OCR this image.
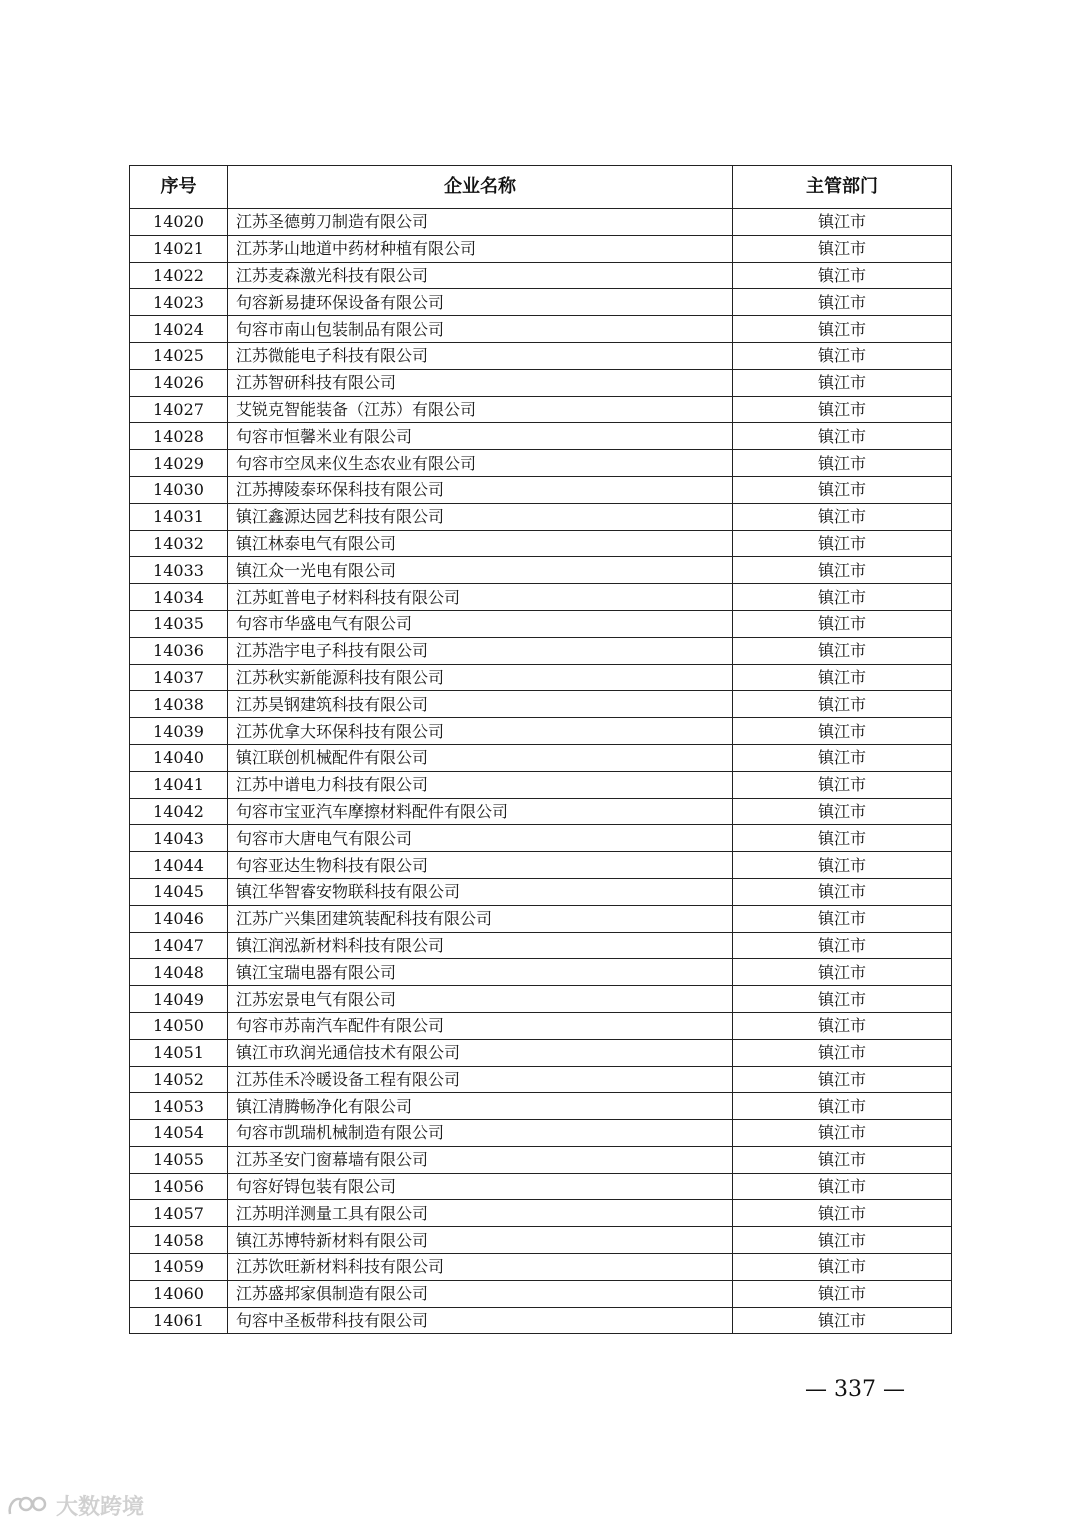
序号	企业名称	主管部门
14020	江苏圣德剪刀制造有限公司	镇江市
14021	江苏茅山地道中药材种植有限公司	镇江市
14022	江苏麦森激光科技有限公司	镇江市
14023	句容新易捷环保设备有限公司	镇江市
14024	句容市南山包装制品有限公司	镇江市
14025	江苏微能电子科技有限公司	镇江市
14026	江苏智研科技有限公司	镇江市
14027	艾锐克智能装备（江苏）有限公司	镇江市
14028	句容市恒馨米业有限公司	镇江市
14029	句容市空凤来仪生态农业有限公司	镇江市
14030	江苏搏陵泰环保科技有限公司	镇江市
14031	镇江鑫源达园艺科技有限公司	镇江市
14032	镇江林泰电气有限公司	镇江市
14033	镇江众一光电有限公司	镇江市
14034	江苏虹普电子材料科技有限公司	镇江市
14035	句容市华盛电气有限公司	镇江市
14036	江苏浩宇电子科技有限公司	镇江市
14037	江苏秋实新能源科技有限公司	镇江市
14038	江苏昊钢建筑科技有限公司	镇江市
14039	江苏优拿大环保科技有限公司	镇江市
14040	镇江联创机械配件有限公司	镇江市
14041	江苏中谱电力科技有限公司	镇江市
14042	句容市宝亚汽车摩擦材料配件有限公司	镇江市
14043	句容市大唐电气有限公司	镇江市
14044	句容亚达生物科技有限公司	镇江市
14045	镇江华智睿安物联科技有限公司	镇江市
14046	江苏广兴集团建筑装配科技有限公司	镇江市
14047	镇江润泓新材料科技有限公司	镇江市
14048	镇江宝瑞电器有限公司	镇江市
14049	江苏宏景电气有限公司	镇江市
14050	句容市苏南汽车配件有限公司	镇江市
14051	镇江市玖润光通信技术有限公司	镇江市
14052	江苏佳禾冷暖设备工程有限公司	镇江市
14053	镇江清腾畅净化有限公司	镇江市
14054	句容市凯瑞机械制造有限公司	镇江市
14055	江苏圣安门窗幕墙有限公司	镇江市
14056	句容好锝包装有限公司	镇江市
14057	江苏明洋测量工具有限公司	镇江市
14058	镇江苏博特新材料有限公司	镇江市
14059	江苏饮旺新材料科技有限公司	镇江市
14060	江苏盛邦家俱制造有限公司	镇江市
14061	句容中圣板带科技有限公司	镇江市
— 337 —
大数跨境
